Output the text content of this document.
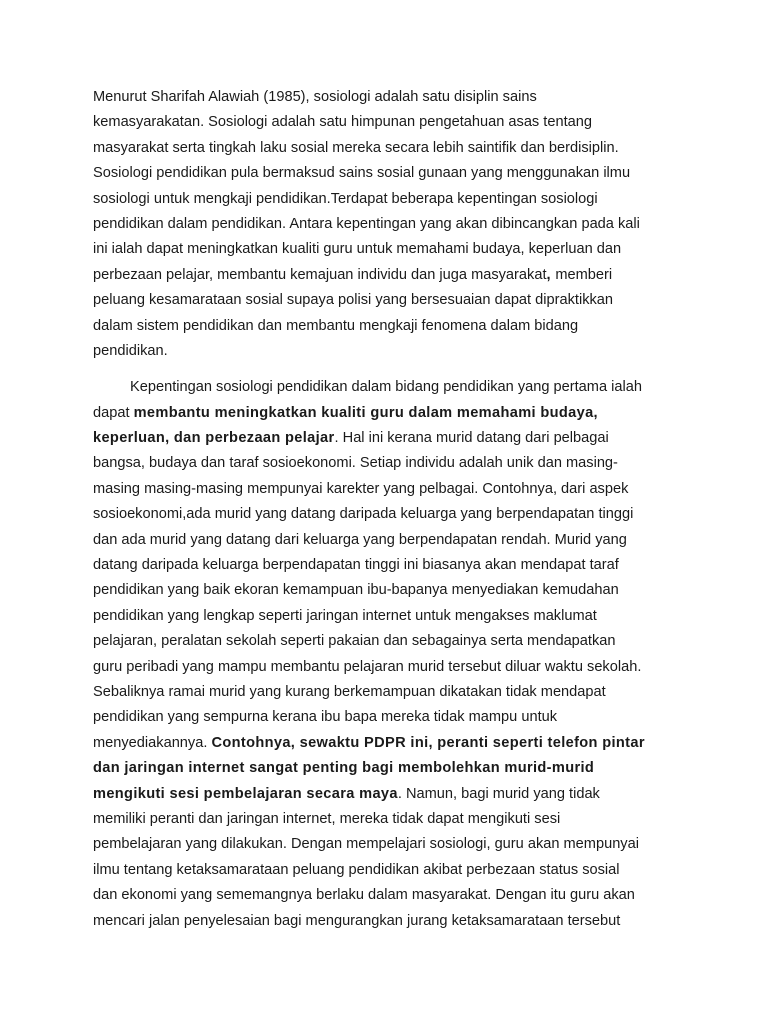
Menurut Sharifah Alawiah (1985), sosiologi adalah satu disiplin sains
kemasyarakatan. Sosiologi adalah satu himpunan pengetahuan asas tentang
masyarakat serta tingkah laku sosial mereka secara lebih saintifik dan berdisiplin.
Sosiologi pendidikan pula bermaksud sains sosial gunaan yang menggunakan ilmu
sosiologi untuk mengkaji pendidikan.Terdapat beberapa kepentingan sosiologi
pendidikan dalam pendidikan. Antara kepentingan yang akan dibincangkan pada kali
ini ialah dapat meningkatkan kualiti guru untuk memahami budaya, keperluan dan
perbezaan pelajar, membantu kemajuan individu dan juga masyarakat, memberi
peluang kesamarataan sosial supaya polisi yang bersesuaian dapat dipraktikkan
dalam sistem pendidikan dan membantu mengkaji fenomena dalam bidang
pendidikan.
Kepentingan sosiologi pendidikan dalam bidang pendidikan yang pertama ialah
dapat membantu meningkatkan kualiti guru dalam memahami budaya,
keperluan, dan perbezaan pelajar. Hal ini kerana murid datang dari pelbagai
bangsa, budaya dan taraf sosioekonomi. Setiap individu adalah unik dan masing-
masing masing-masing mempunyai karekter yang pelbagai. Contohnya, dari aspek
sosioekonomi,ada murid yang datang daripada keluarga yang berpendapatan tinggi
dan ada murid yang datang dari keluarga yang berpendapatan rendah. Murid yang
datang daripada keluarga berpendapatan tinggi ini biasanya akan mendapat taraf
pendidikan yang baik ekoran kemampuan ibu-bapanya menyediakan kemudahan
pendidikan yang lengkap seperti jaringan internet untuk mengakses maklumat
pelajaran, peralatan sekolah seperti pakaian dan sebagainya serta mendapatkan
guru peribadi yang mampu membantu pelajaran murid tersebut diluar waktu sekolah.
Sebaliknya ramai murid yang kurang berkemampuan dikatakan tidak mendapat
pendidikan yang sempurna kerana ibu bapa mereka tidak mampu untuk
menyediakannya. Contohnya, sewaktu PDPR ini, peranti seperti telefon pintar
dan jaringan internet sangat penting bagi membolehkan murid-murid
mengikuti sesi pembelajaran secara maya. Namun, bagi murid yang tidak
memiliki peranti dan jaringan internet, mereka tidak dapat mengikuti sesi
pembelajaran yang dilakukan. Dengan mempelajari sosiologi, guru akan mempunyai
ilmu tentang ketaksamarataan peluang pendidikan akibat perbezaan status sosial
dan ekonomi yang sememangnya berlaku dalam masyarakat. Dengan itu guru akan
mencari jalan penyelesaian bagi mengurangkan jurang ketaksamarataan tersebut
